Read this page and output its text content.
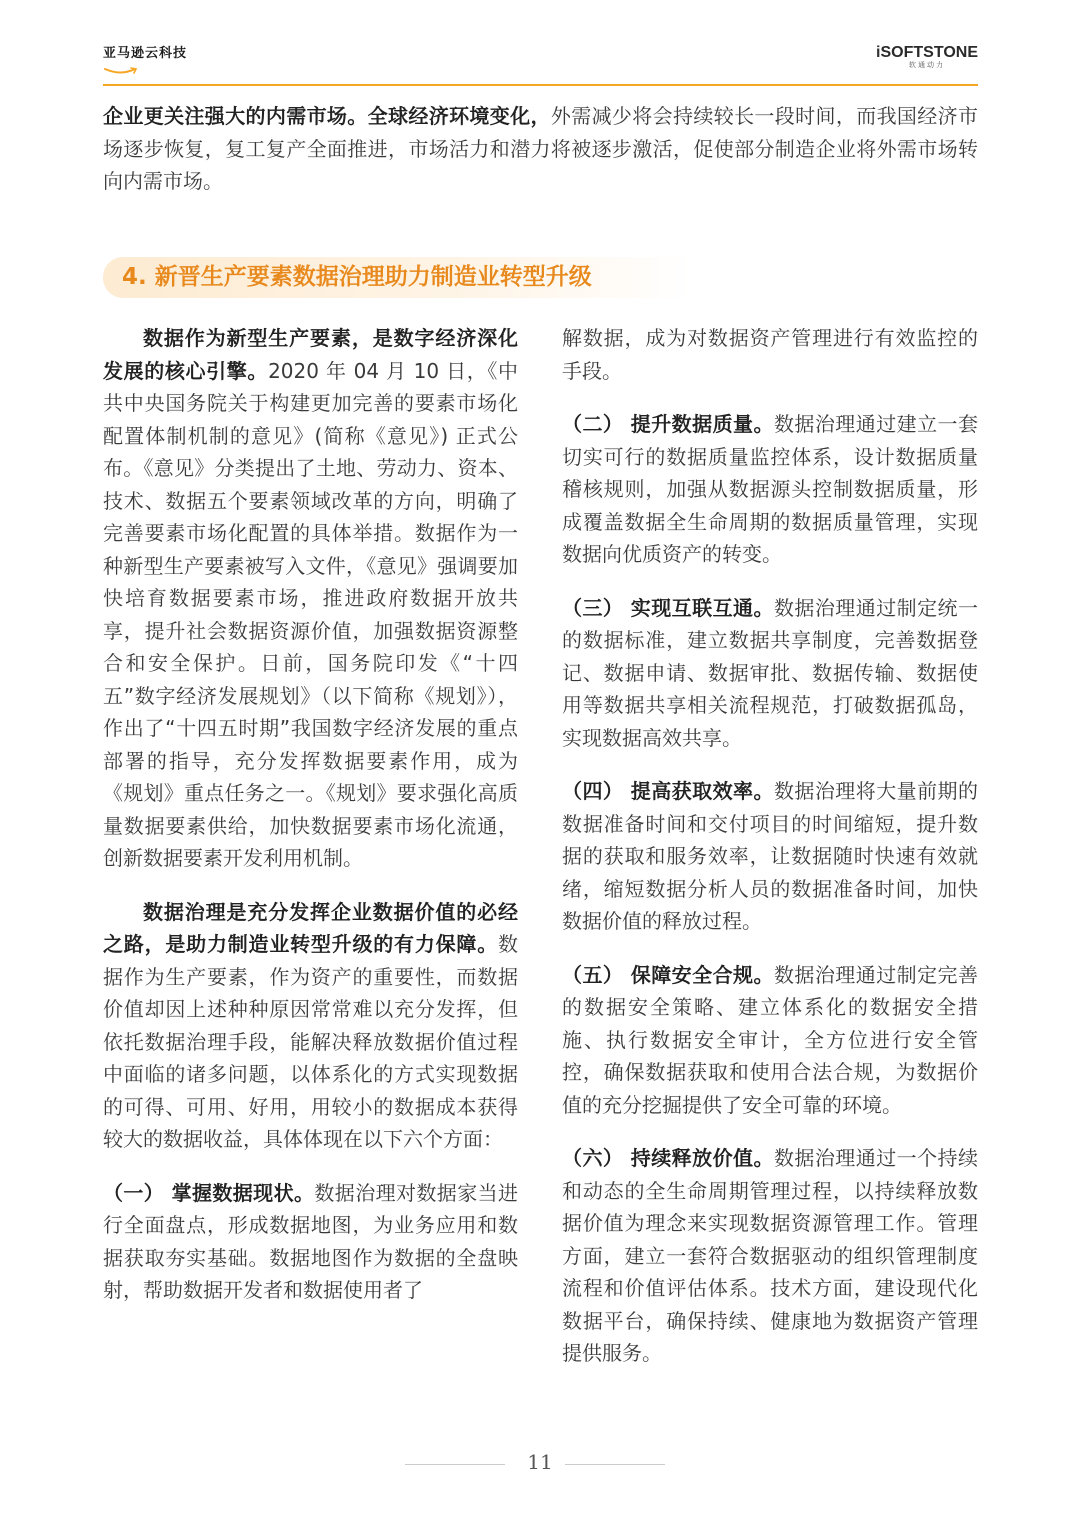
亚马逊云科技	iSOFTSTONE
软通动力
企业更关注强大的内需市场。全球经济环境变化，外需减少将会持续较长一段时间，而我国经济市场逐步恢复，复工复产全面推进，市场活力和潜力将被逐步激活，促使部分制造企业将外需市场转向内需市场。
4. 新晋生产要素数据治理助力制造业转型升级

数据作为新型生产要素，是数字经济深化发展的核心引擎。2020 年 04 月 10 日，《中共中央国务院关于构建更加完善的要素市场化配置体制机制的意见》(简称《意见》) 正式公布。《意见》分类提出了土地、劳动力、资本、技术、数据五个要素领域改革的方向，明确了完善要素市场化配置的具体举措。数据作为一种新型生产要素被写入文件，《意见》强调要加快培育数据要素市场，推进政府数据开放共享，提升社会数据资源价值，加强数据资源整合和安全保护。日前，国务院印发《“十四五”数字经济发展规划》（以下简称《规划》），作出了“十四五时期”我国数字经济发展的重点部署的指导，充分发挥数据要素作用，成为《规划》重点任务之一。《规划》要求强化高质量数据要素供给，加快数据要素市场化流通，创新数据要素开发利用机制。

数据治理是充分发挥企业数据价值的必经之路，是助力制造业转型升级的有力保障。数据作为生产要素，作为资产的重要性，而数据价值却因上述种种原因常常难以充分发挥，但依托数据治理手段，能解决释放数据价值过程中面临的诸多问题，以体系化的方式实现数据的可得、可用、好用，用较小的数据成本获得较大的数据收益，具体体现在以下六个方面：

（一） 掌握数据现状。数据治理对数据家当进行全面盘点，形成数据地图，为业务应用和数据获取夯实基础。数据地图作为数据的全盘映射，帮助数据开发者和数据使用者了

解数据，成为对数据资产管理进行有效监控的手段。

（二） 提升数据质量。数据治理通过建立一套切实可行的数据质量监控体系，设计数据质量稽核规则，加强从数据源头控制数据质量，形成覆盖数据全生命周期的数据质量管理，实现数据向优质资产的转变。

（三） 实现互联互通。数据治理通过制定统一的数据标准，建立数据共享制度，完善数据登记、数据申请、数据审批、数据传输、数据使用等数据共享相关流程规范，打破数据孤岛，实现数据高效共享。

（四） 提高获取效率。数据治理将大量前期的数据准备时间和交付项目的时间缩短，提升数据的获取和服务效率，让数据随时快速有效就绪，缩短数据分析人员的数据准备时间，加快数据价值的释放过程。

（五） 保障安全合规。数据治理通过制定完善的数据安全策略、建立体系化的数据安全措施、执行数据安全审计，全方位进行安全管控，确保数据获取和使用合法合规，为数据价值的充分挖掘提供了安全可靠的环境。

（六） 持续释放价值。数据治理通过一个持续和动态的全生命周期管理过程，以持续释放数据价值为理念来实现数据资源管理工作。管理方面，建立一套符合数据驱动的组织管理制度流程和价值评估体系。技术方面，建设现代化数据平台，确保持续、健康地为数据资产管理提供服务。

11
